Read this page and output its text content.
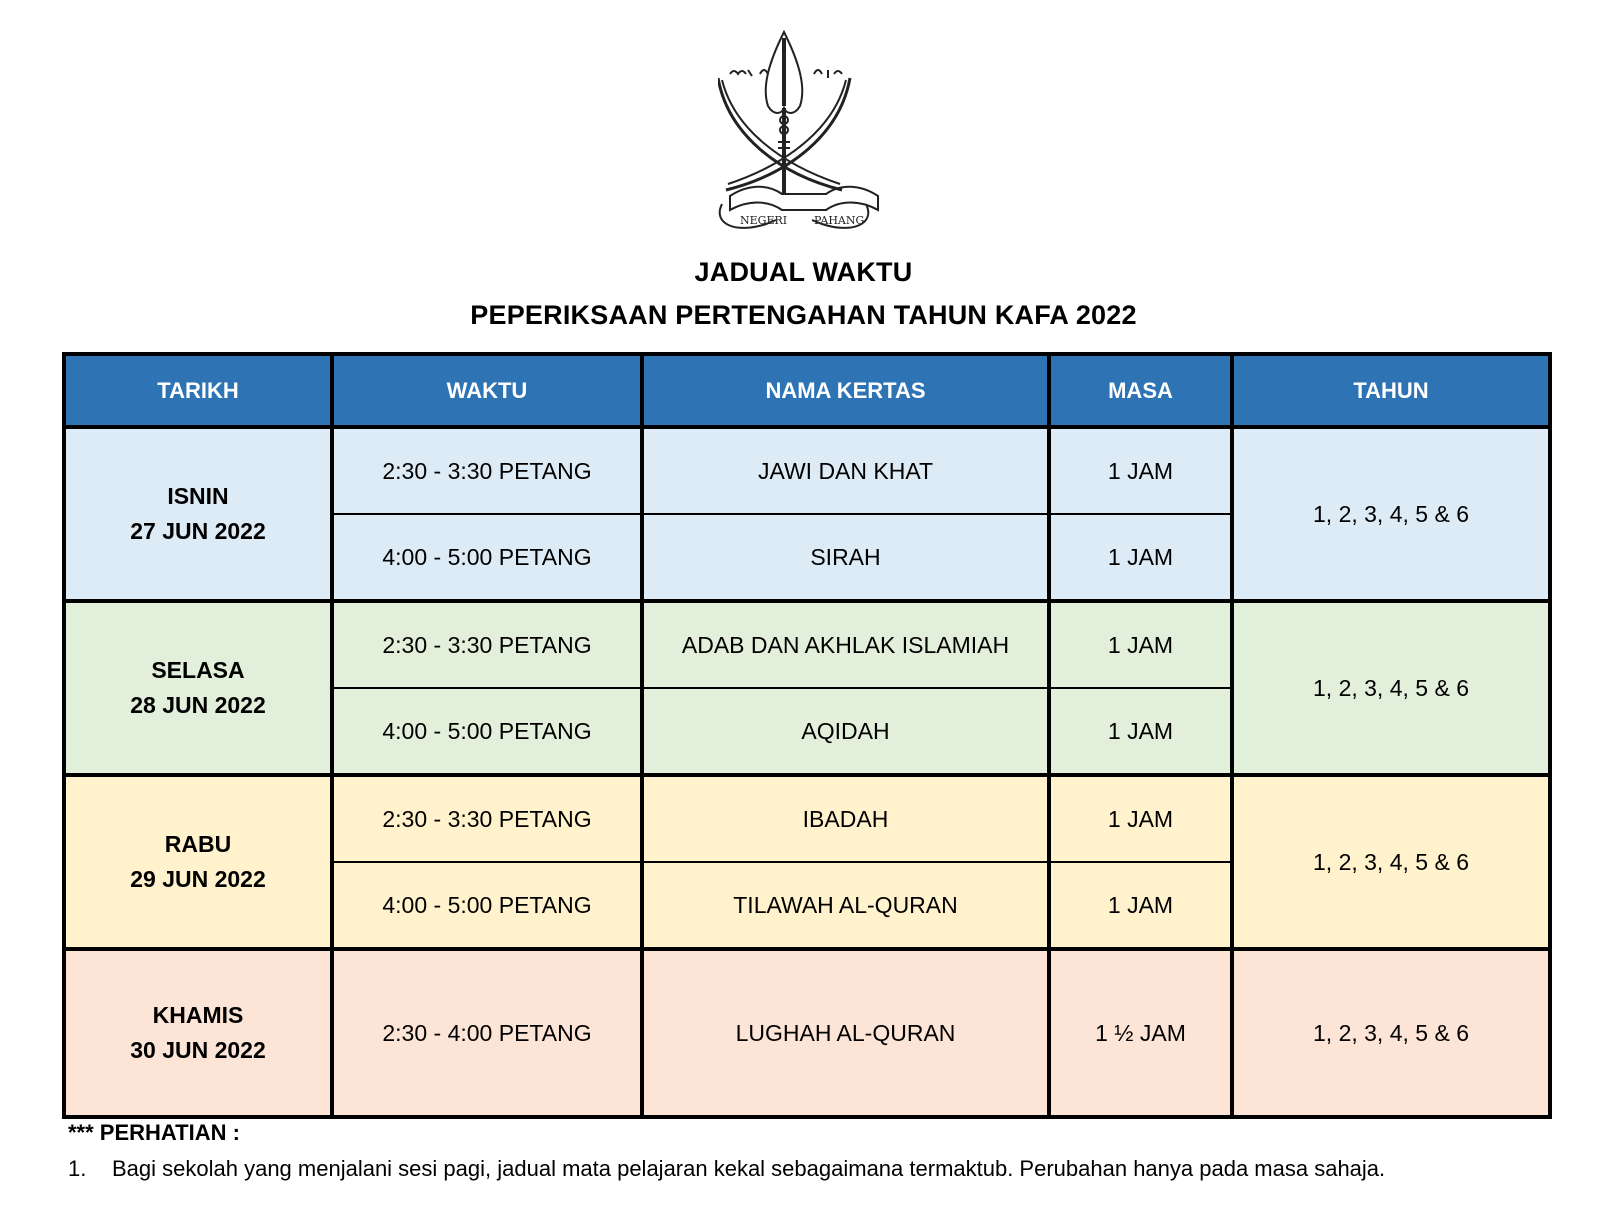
NEGERI PAHANG
JADUAL WAKTU
PEPERIKSAAN PERTENGAHAN TAHUN KAFA 2022
TARIKH	WAKTU	NAMA KERTAS	MASA	TAHUN

ISNIN
27 JUN 2022	2:30 - 3:30 PETANG	JAWI DAN KHAT	1 JAM	1, 2, 3, 4, 5 & 6
	4:00 - 5:00 PETANG	SIRAH	1 JAM	

SELASA
28 JUN 2022	2:30 - 3:30 PETANG	ADAB DAN AKHLAK ISLAMIAH	1 JAM	1, 2, 3, 4, 5 & 6
	4:00 - 5:00 PETANG	AQIDAH	1 JAM	

RABU
29 JUN 2022	2:30 - 3:30 PETANG	IBADAH	1 JAM	1, 2, 3, 4, 5 & 6
	4:00 - 5:00 PETANG	TILAWAH AL-QURAN	1 JAM	

KHAMIS
30 JUN 2022	2:30 - 4:00 PETANG	LUGHAH AL-QURAN	1 ½ JAM	1, 2, 3, 4, 5 & 6
*** PERHATIAN :
1. Bagi sekolah yang menjalani sesi pagi, jadual mata pelajaran kekal sebagaimana termaktub. Perubahan hanya pada masa sahaja.
